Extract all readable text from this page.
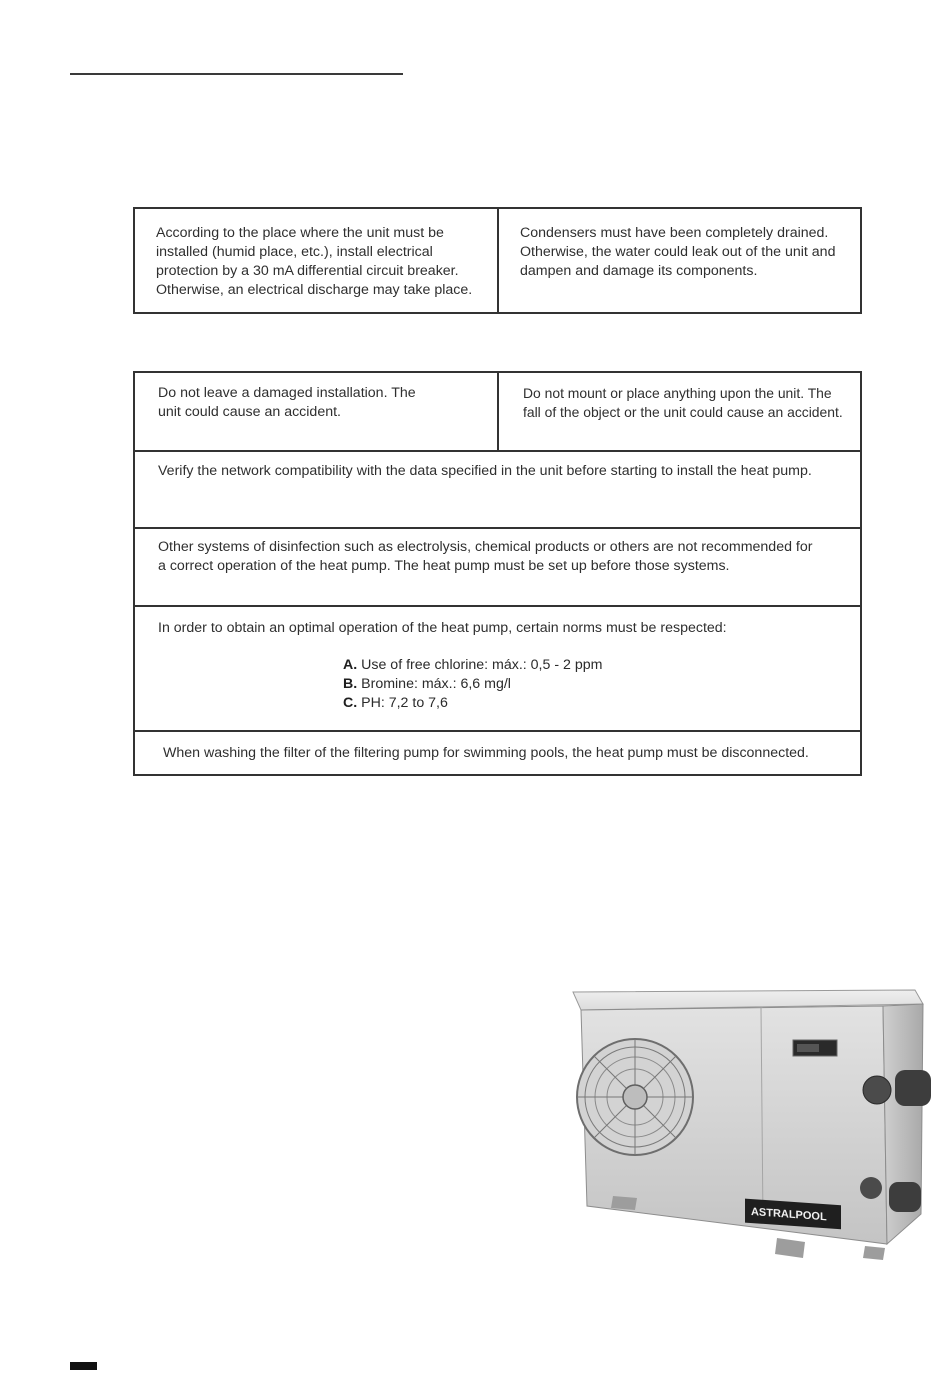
According to the place where the unit must be
installed (humid place, etc.), install electrical
protection by a 30 mA differential circuit breaker.
Otherwise, an electrical discharge may take place.
Condensers must have been completely drained.
Otherwise, the water could leak out of the unit and
dampen and damage its components.
Do not leave a damaged installation. The
unit could cause an accident.
Do not mount or place anything upon the unit. The
fall of the object or the unit could cause an accident.
Verify the network compatibility with the data specified in the unit before starting to install the heat pump.
Other systems of disinfection such as electrolysis, chemical products or others are not recommended for
a correct operation of the heat pump. The heat pump must be set up before those systems.
In order to obtain an optimal operation of the heat pump, certain norms must be respected:
A. Use of free chlorine: máx.: 0,5 - 2 ppm
B. Bromine: máx.: 6,6 mg/l
C. PH: 7,2 to 7,6
When washing the filter of the filtering pump for swimming pools, the heat pump must be disconnected.
ASTRALPOOL
